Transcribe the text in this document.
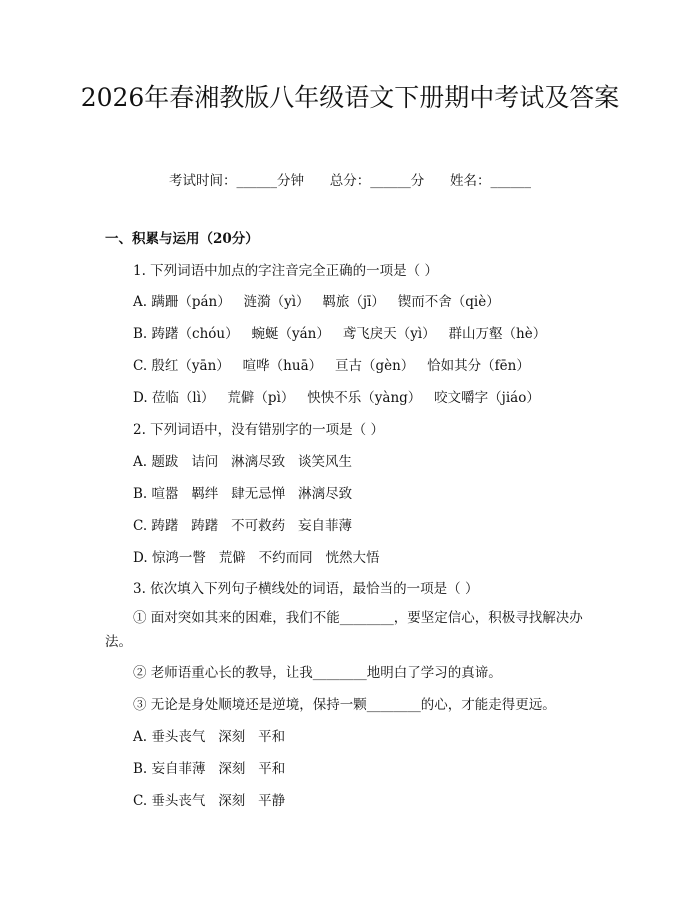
2026年春湘教版八年级语文下册期中考试及答案
考试时间：______分钟      总分：______分      姓名：______
一、积累与运用（20分）
1. 下列词语中加点的字注音完全正确的一项是（ ）
A. 蹒跚（pán）   涟漪（yì）   羁旅（jī）   锲而不舍（qiè）
B. 踌躇（chóu）   蜿蜒（yán）   鸢飞戾天（yì）   群山万壑（hè）
C. 殷红（yān）   喧哗（huā）   亘古（gèn）   恰如其分（fēn）
D. 莅临（lì）   荒僻（pì）   怏怏不乐（yàng）   咬文嚼字（jiáo）
2. 下列词语中，没有错别字的一项是（ ）
A. 题跋   诘问   淋漓尽致   谈笑风生
B. 喧嚣   羁绊   肆无忌惮   淋漓尽致
C. 踌躇   踌躇   不可救药   妄自菲薄
D. 惊鸿一瞥   荒僻   不约而同   恍然大悟
3. 依次填入下列句子横线处的词语，最恰当的一项是（ ）
① 面对突如其来的困难，我们不能________，要坚定信心，积极寻找解决办法。
② 老师语重心长的教导，让我________地明白了学习的真谛。
③ 无论是身处顺境还是逆境，保持一颗________的心，才能走得更远。
A. 垂头丧气   深刻   平和
B. 妄自菲薄   深刻   平和
C. 垂头丧气   深刻   平静
